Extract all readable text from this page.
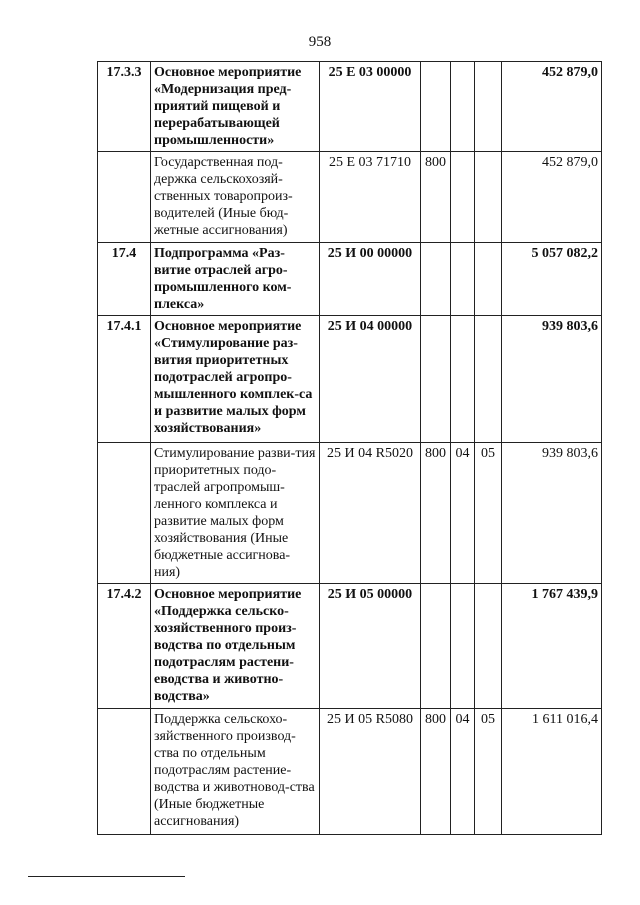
958
17.3.3	Основное мероприятие «Модернизация пред-приятий пищевой и перерабатывающей промышленности»	25 Е 03 00000				452 879,0
	Государственная под-держка сельскохозяй-ственных товаропроиз-водителей (Иные бюд-жетные ассигнования)	25 Е 03 71710	800			452 879,0
17.4	Подпрограмма «Раз-витие отраслей агро-промышленного ком-плекса»	25 И 00 00000				5 057 082,2
17.4.1	Основное мероприятие «Стимулирование раз-вития приоритетных подотраслей агропро-мышленного комплек-са и развитие малых форм хозяйствования»	25 И 04 00000				939 803,6
	Стимулирование разви-тия приоритетных подо-траслей агропромыш-ленного комплекса и развитие малых форм хозяйствования (Иные бюджетные ассигнова-ния)	25 И 04 R5020	800	04	05	939 803,6
17.4.2	Основное мероприятие «Поддержка сельско-хозяйственного произ-водства по отдельным подотраслям растени-еводства и животно-водства»	25 И 05 00000				1 767 439,9
	Поддержка сельскохо-зяйственного производ-ства по отдельным подотраслям растение-водства и животновод-ства (Иные бюджетные ассигнования)	25 И 05 R5080	800	04	05	1 611 016,4
